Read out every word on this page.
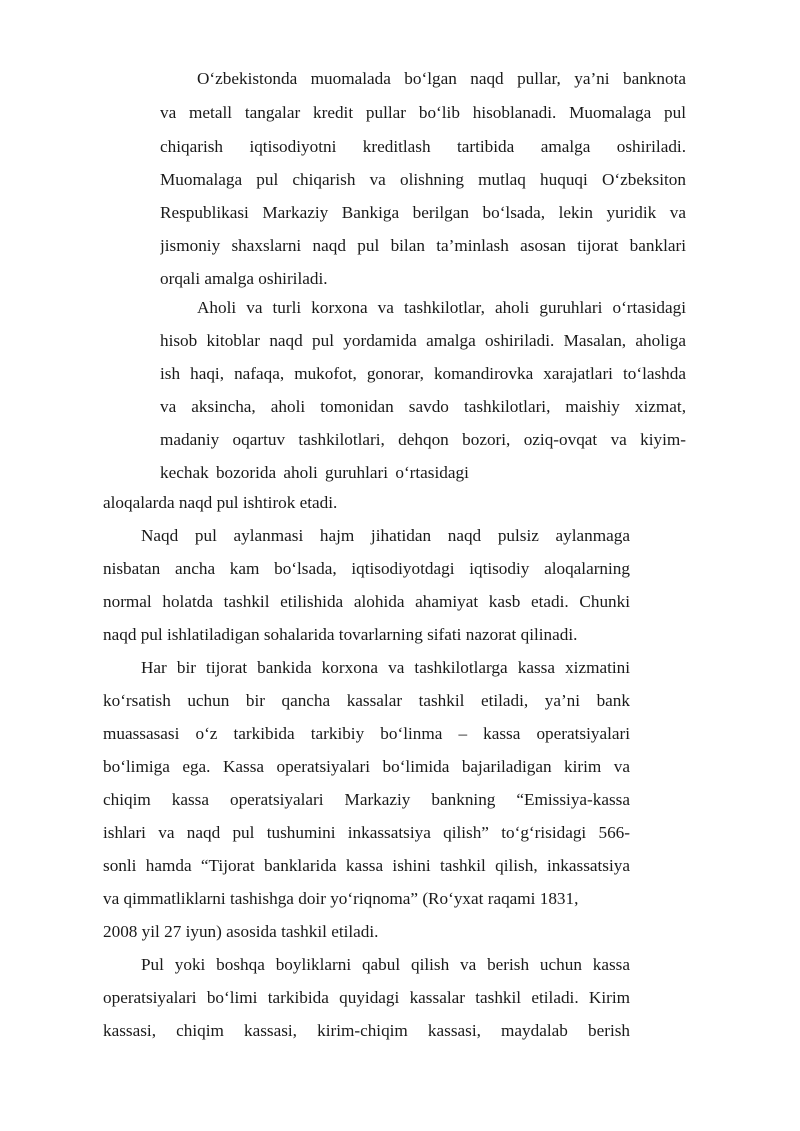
O‘zbekistonda muomalada bo‘lgan naqd pullar, ya’ni banknota

va metall tangalar kredit pullar bo‘lib hisoblanadi. Muomalaga pul

chiqarish iqtisodiyotni kreditlash tartibida amalga oshiriladi.

Muomalaga pul chiqarish va olishning mutlaq huquqi O‘zbeksiton

Respublikasi Markaziy Bankiga berilgan bo‘lsada, lekin yuridik va

jismoniy shaxslarni naqd pul bilan ta’minlash asosan tijorat banklari

orqali amalga oshiriladi.

Aholi va turli korxona va tashkilotlar, aholi guruhlari o‘rtasidagi

hisob kitoblar naqd pul yordamida amalga oshiriladi. Masalan, aholiga

ish haqi, nafaqa, mukofot, gonorar, komandirovka xarajatlari to‘lashda

va aksincha, aholi tomonidan savdo tashkilotlari, maishiy xizmat,

madaniy oqartuv tashkilotlari, dehqon bozori, oziq-ovqat va kiyim-

kechak bozorida aholi guruhlari o‘rtasidagi

aloqalarda naqd pul ishtirok etadi.

Naqd pul aylanmasi hajm jihatidan naqd pulsiz aylanmaga

nisbatan ancha kam bo‘lsada, iqtisodiyotdagi iqtisodiy aloqalarning

normal holatda tashkil etilishida alohida ahamiyat kasb etadi. Chunki

naqd pul ishlatiladigan sohalarida tovarlarning sifati nazorat qilinadi.

Har bir tijorat bankida korxona va tashkilotlarga kassa xizmatini

ko‘rsatish uchun bir qancha kassalar tashkil etiladi, ya’ni bank

muassasasi o‘z tarkibida tarkibiy bo‘linma – kassa operatsiyalari

bo‘limiga ega. Kassa operatsiyalari bo‘limida bajariladigan kirim va

chiqim kassa operatsiyalari Markaziy bankning “Emissiya-kassa

ishlari va naqd pul tushumini inkassatsiya qilish” to‘g‘risidagi 566-

sonli hamda “Tijorat banklarida kassa ishini tashkil qilish, inkassatsiya

va qimmatliklarni tashishga doir yo‘riqnoma” (Ro‘yxat raqami 1831,

2008 yil 27 iyun) asosida tashkil etiladi.

Pul yoki boshqa boyliklarni qabul qilish va berish uchun kassa

operatsiyalari bo‘limi tarkibida quyidagi kassalar tashkil etiladi. Kirim

kassasi, chiqim kassasi, kirim-chiqim kassasi, maydalab berish
